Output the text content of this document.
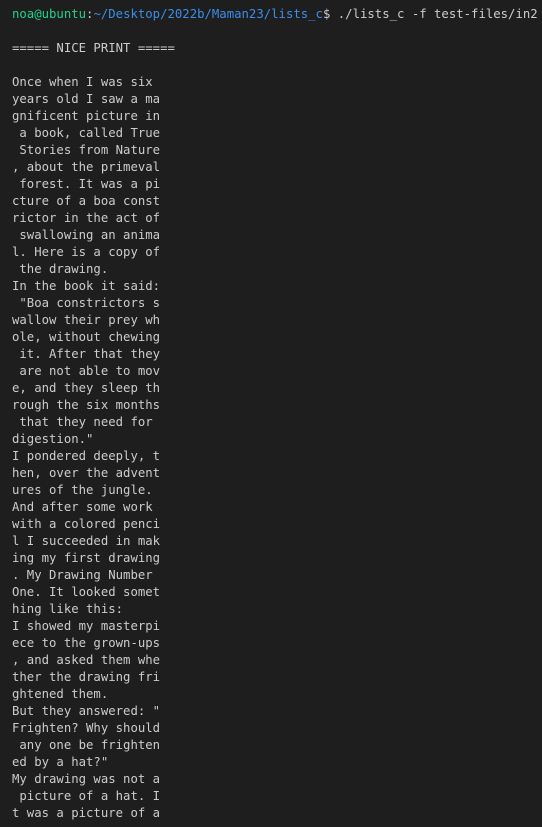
noa@ubuntu:~/Desktop/2022b/Maman23/lists_c$ ./lists_c -f test-files/in2
===== NICE PRINT =====
Once when I was six
years old I saw a ma
gnificent picture in
a book, called True
Stories from Nature
, about the primeval
forest. It was a pi
cture of a boa const
rictor in the act of
swallowing an anima
l. Here is a copy of
the drawing.
In the book it said:
"Boa constrictors s
wallow their prey wh
ole, without chewing
it. After that they
are not able to mov
e, and they sleep th
rough the six months
that they need for
digestion."
I pondered deeply, t
hen, over the advent
ures of the jungle.
And after some work
with a colored penci
l I succeeded in mak
ing my first drawing
. My Drawing Number
One. It looked somet
hing like this:
I showed my masterpi
ece to the grown-ups
, and asked them whe
ther the drawing fri
ghtened them.
But they answered: "
Frighten? Why should
any one be frighten
ed by a hat?"
My drawing was not a
picture of a hat. I
t was a picture of a
